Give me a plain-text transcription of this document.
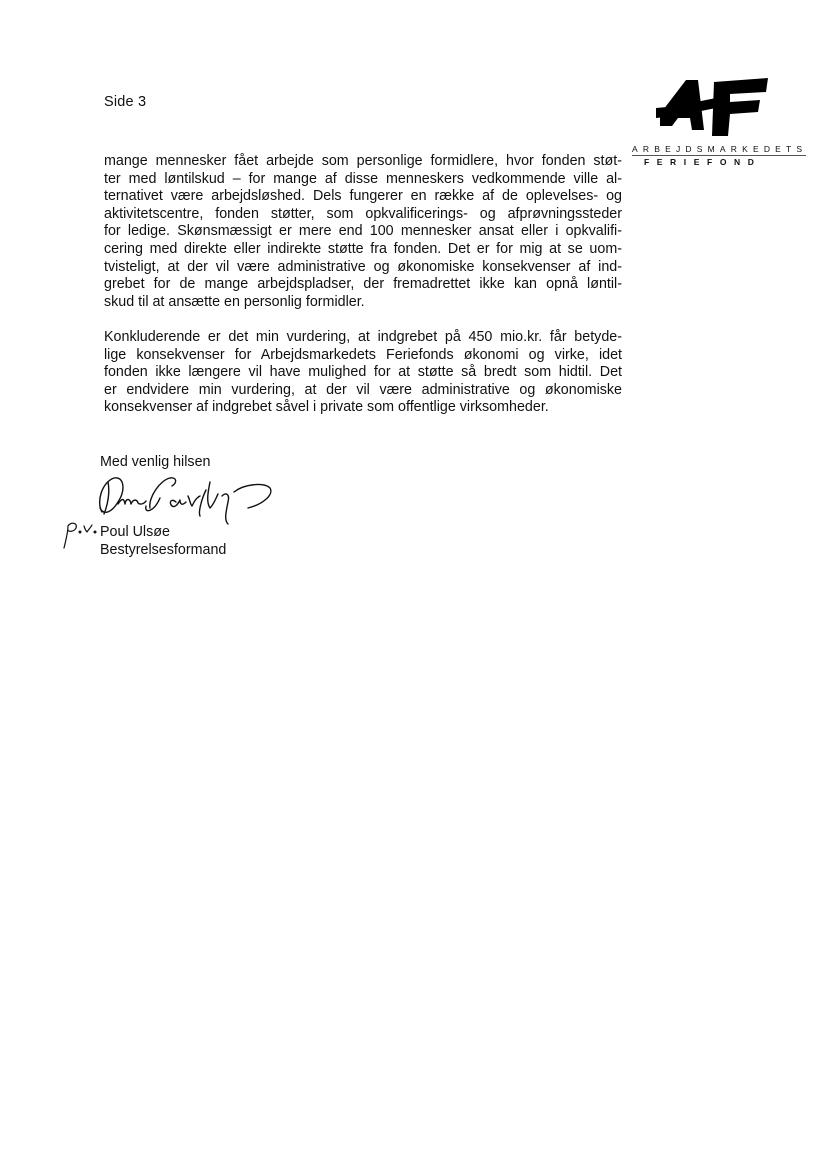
Side 3
ARBEJDSMARKEDETS
FERIEFOND
mange mennesker fået arbejde som personlige formidlere, hvor fonden støt-
ter med løntilskud – for mange af disse menneskers vedkommende ville al-
ternativet være arbejdsløshed. Dels fungerer en række af de oplevelses- og
aktivitetscentre, fonden støtter, som opkvalificerings- og afprøvningssteder
for ledige. Skønsmæssigt er mere end 100 mennesker ansat eller i opkvalifi-
cering med direkte eller indirekte støtte fra fonden. Det er for mig at se uom-
tvisteligt, at der vil være administrative og økonomiske konsekvenser af ind-
grebet for de mange arbejdspladser, der fremadrettet ikke kan opnå løntil-
skud til at ansætte en personlig formidler.
Konkluderende er det min vurdering, at indgrebet på 450 mio.kr. får betyde-
lige konsekvenser for Arbejdsmarkedets Feriefonds økonomi og virke, idet
fonden ikke længere vil have mulighed for at støtte så bredt som hidtil. Det
er endvidere min vurdering, at der vil være administrative og økonomiske
konsekvenser af indgrebet såvel i private som offentlige virksomheder.
Med venlig hilsen
Poul Ulsøe
Bestyrelsesformand
